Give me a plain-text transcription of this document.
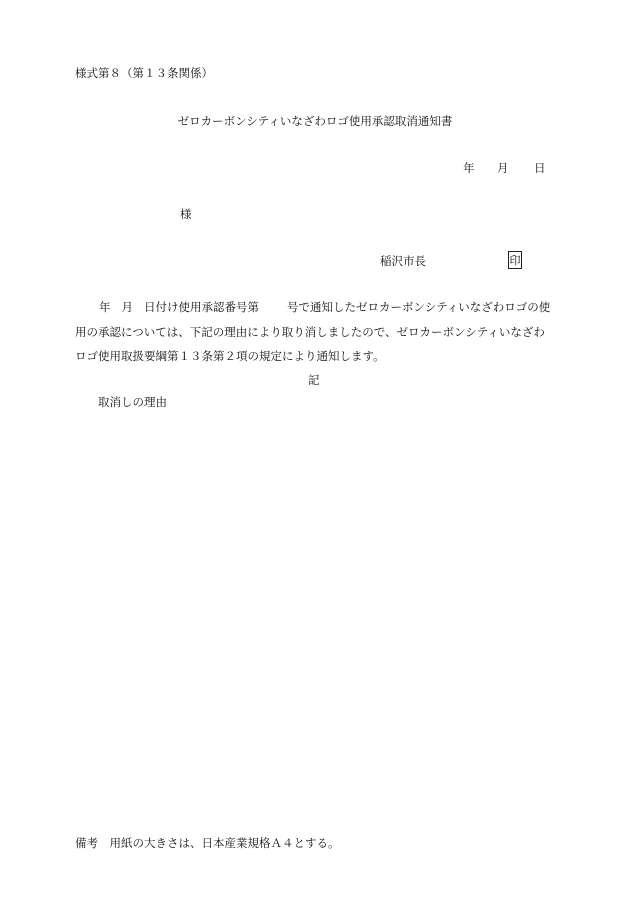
様式第８（第１３条関係）
ゼロカーボンシティいなざわロゴ使用承認取消通知書
年 月 日
様
稲沢市長	印
年 月 日付け使用承認番号第 号で通知したゼロカーボンシティいなざわロゴの使
用の承認については、下記の理由により取り消しましたので、ゼロカーボンシティいなざわ
ロゴ使用取扱要綱第１３条第２項の規定により通知します。
記
取消しの理由
備考　用紙の大きさは、日本産業規格Ａ４とする。
